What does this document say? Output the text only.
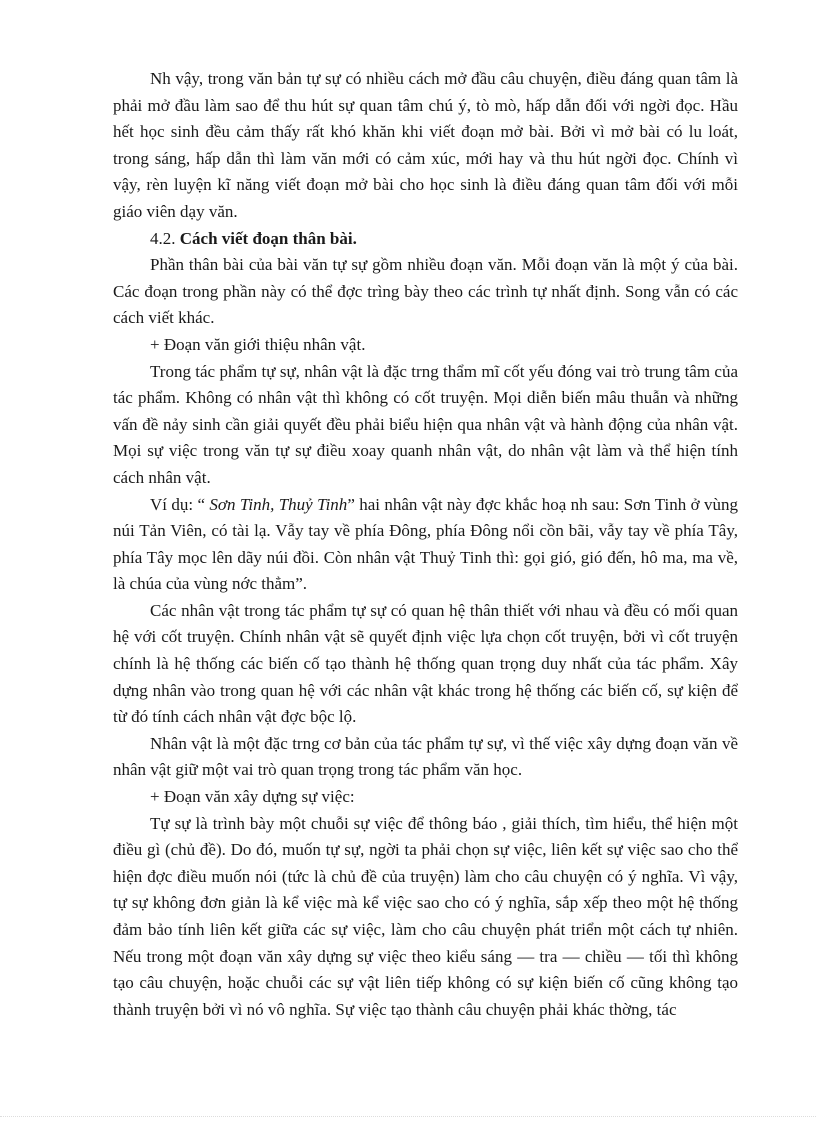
Nh vậy, trong văn bản tự sự có nhiều cách mở đầu câu chuyện, điều đáng quan tâm là phải mở đầu làm sao để thu hút sự quan tâm chú ý, tò mò, hấp dẫn đối với ngời đọc. Hầu hết học sinh đều cảm thấy rất khó khăn khi viết đoạn mở bài. Bởi vì mở bài có lu loát, trong sáng, hấp dẫn thì làm văn mới có cảm xúc, mới hay và thu hút ngời đọc. Chính vì vậy, rèn luyện kĩ năng viết đoạn mở bài cho học sinh là điều đáng quan tâm đối với mỗi giáo viên dạy văn.

4.2. Cách viết đoạn thân bài.

Phần thân bài của bài văn tự sự gồm nhiều đoạn văn. Mỗi đoạn văn là một ý của bài. Các đoạn trong phần này có thể đợc trìng bày theo các trình tự nhất định. Song vẫn có các cách viết khác.

+ Đoạn văn giới thiệu nhân vật.

Trong tác phẩm tự sự, nhân vật là đặc trng thẩm mĩ cốt yếu đóng vai trò trung tâm của tác phẩm. Không có nhân vật thì không có cốt truyện. Mọi diễn biến mâu thuẫn và những vấn đề nảy sinh cần giải quyết đều phải biểu hiện qua nhân vật và hành động của nhân vật. Mọi sự việc trong văn tự sự điều xoay quanh nhân vật, do nhân vật làm và thể hiện tính cách nhân vật.

Ví dụ: “ Sơn Tinh, Thuỷ Tinh” hai nhân vật này đợc khắc hoạ nh sau: Sơn Tinh ở vùng núi Tản Viên, có tài lạ. Vẫy tay về phía Đông, phía Đông nổi cồn bãi, vẫy tay về phía Tây, phía Tây mọc lên dãy núi đồi. Còn nhân vật Thuỷ Tinh thì: gọi gió, gió đến, hô ma, ma về, là chúa của vùng nớc thẳm”.

Các nhân vật trong tác phẩm tự sự có quan hệ thân thiết với nhau và đều có mối quan hệ với cốt truyện. Chính nhân vật sẽ quyết định việc lựa chọn cốt truyện, bởi vì cốt truyện chính là hệ thống các biến cố tạo thành hệ thống quan trọng duy nhất của tác phẩm. Xây dựng nhân vào trong quan hệ với các nhân vật khác trong hệ thống các biến cố, sự kiện để từ đó tính cách nhân vật đợc bộc lộ.

Nhân vật là một đặc trng cơ bản của tác phẩm tự sự, vì thế việc xây dựng đoạn văn về nhân vật giữ một vai trò quan trọng trong tác phẩm văn học.

+ Đoạn văn xây dựng sự việc:

Tự sự là trình bày một chuỗi sự việc để thông báo , giải thích, tìm hiểu, thể hiện một điều gì (chủ đề). Do đó, muốn tự sự, ngời ta phải chọn sự việc, liên kết sự việc sao cho thể hiện đợc điều muốn nói (tức là chủ đề của truyện) làm cho câu chuyện có ý nghĩa. Vì vậy, tự sự không đơn giản là kể việc mà kể việc sao cho có ý nghĩa, sắp xếp theo một hệ thống đảm bảo tính liên kết giữa các sự việc, làm cho câu chuyện phát triển một cách tự nhiên. Nếu trong một đoạn văn xây dựng sự việc theo kiểu sáng — tra — chiều — tối thì không tạo câu chuyện, hoặc chuỗi các sự vật liên tiếp không có sự kiện biến cố cũng không tạo thành truyện bởi vì nó vô nghĩa. Sự việc tạo thành câu chuyện phải khác thờng, tác
